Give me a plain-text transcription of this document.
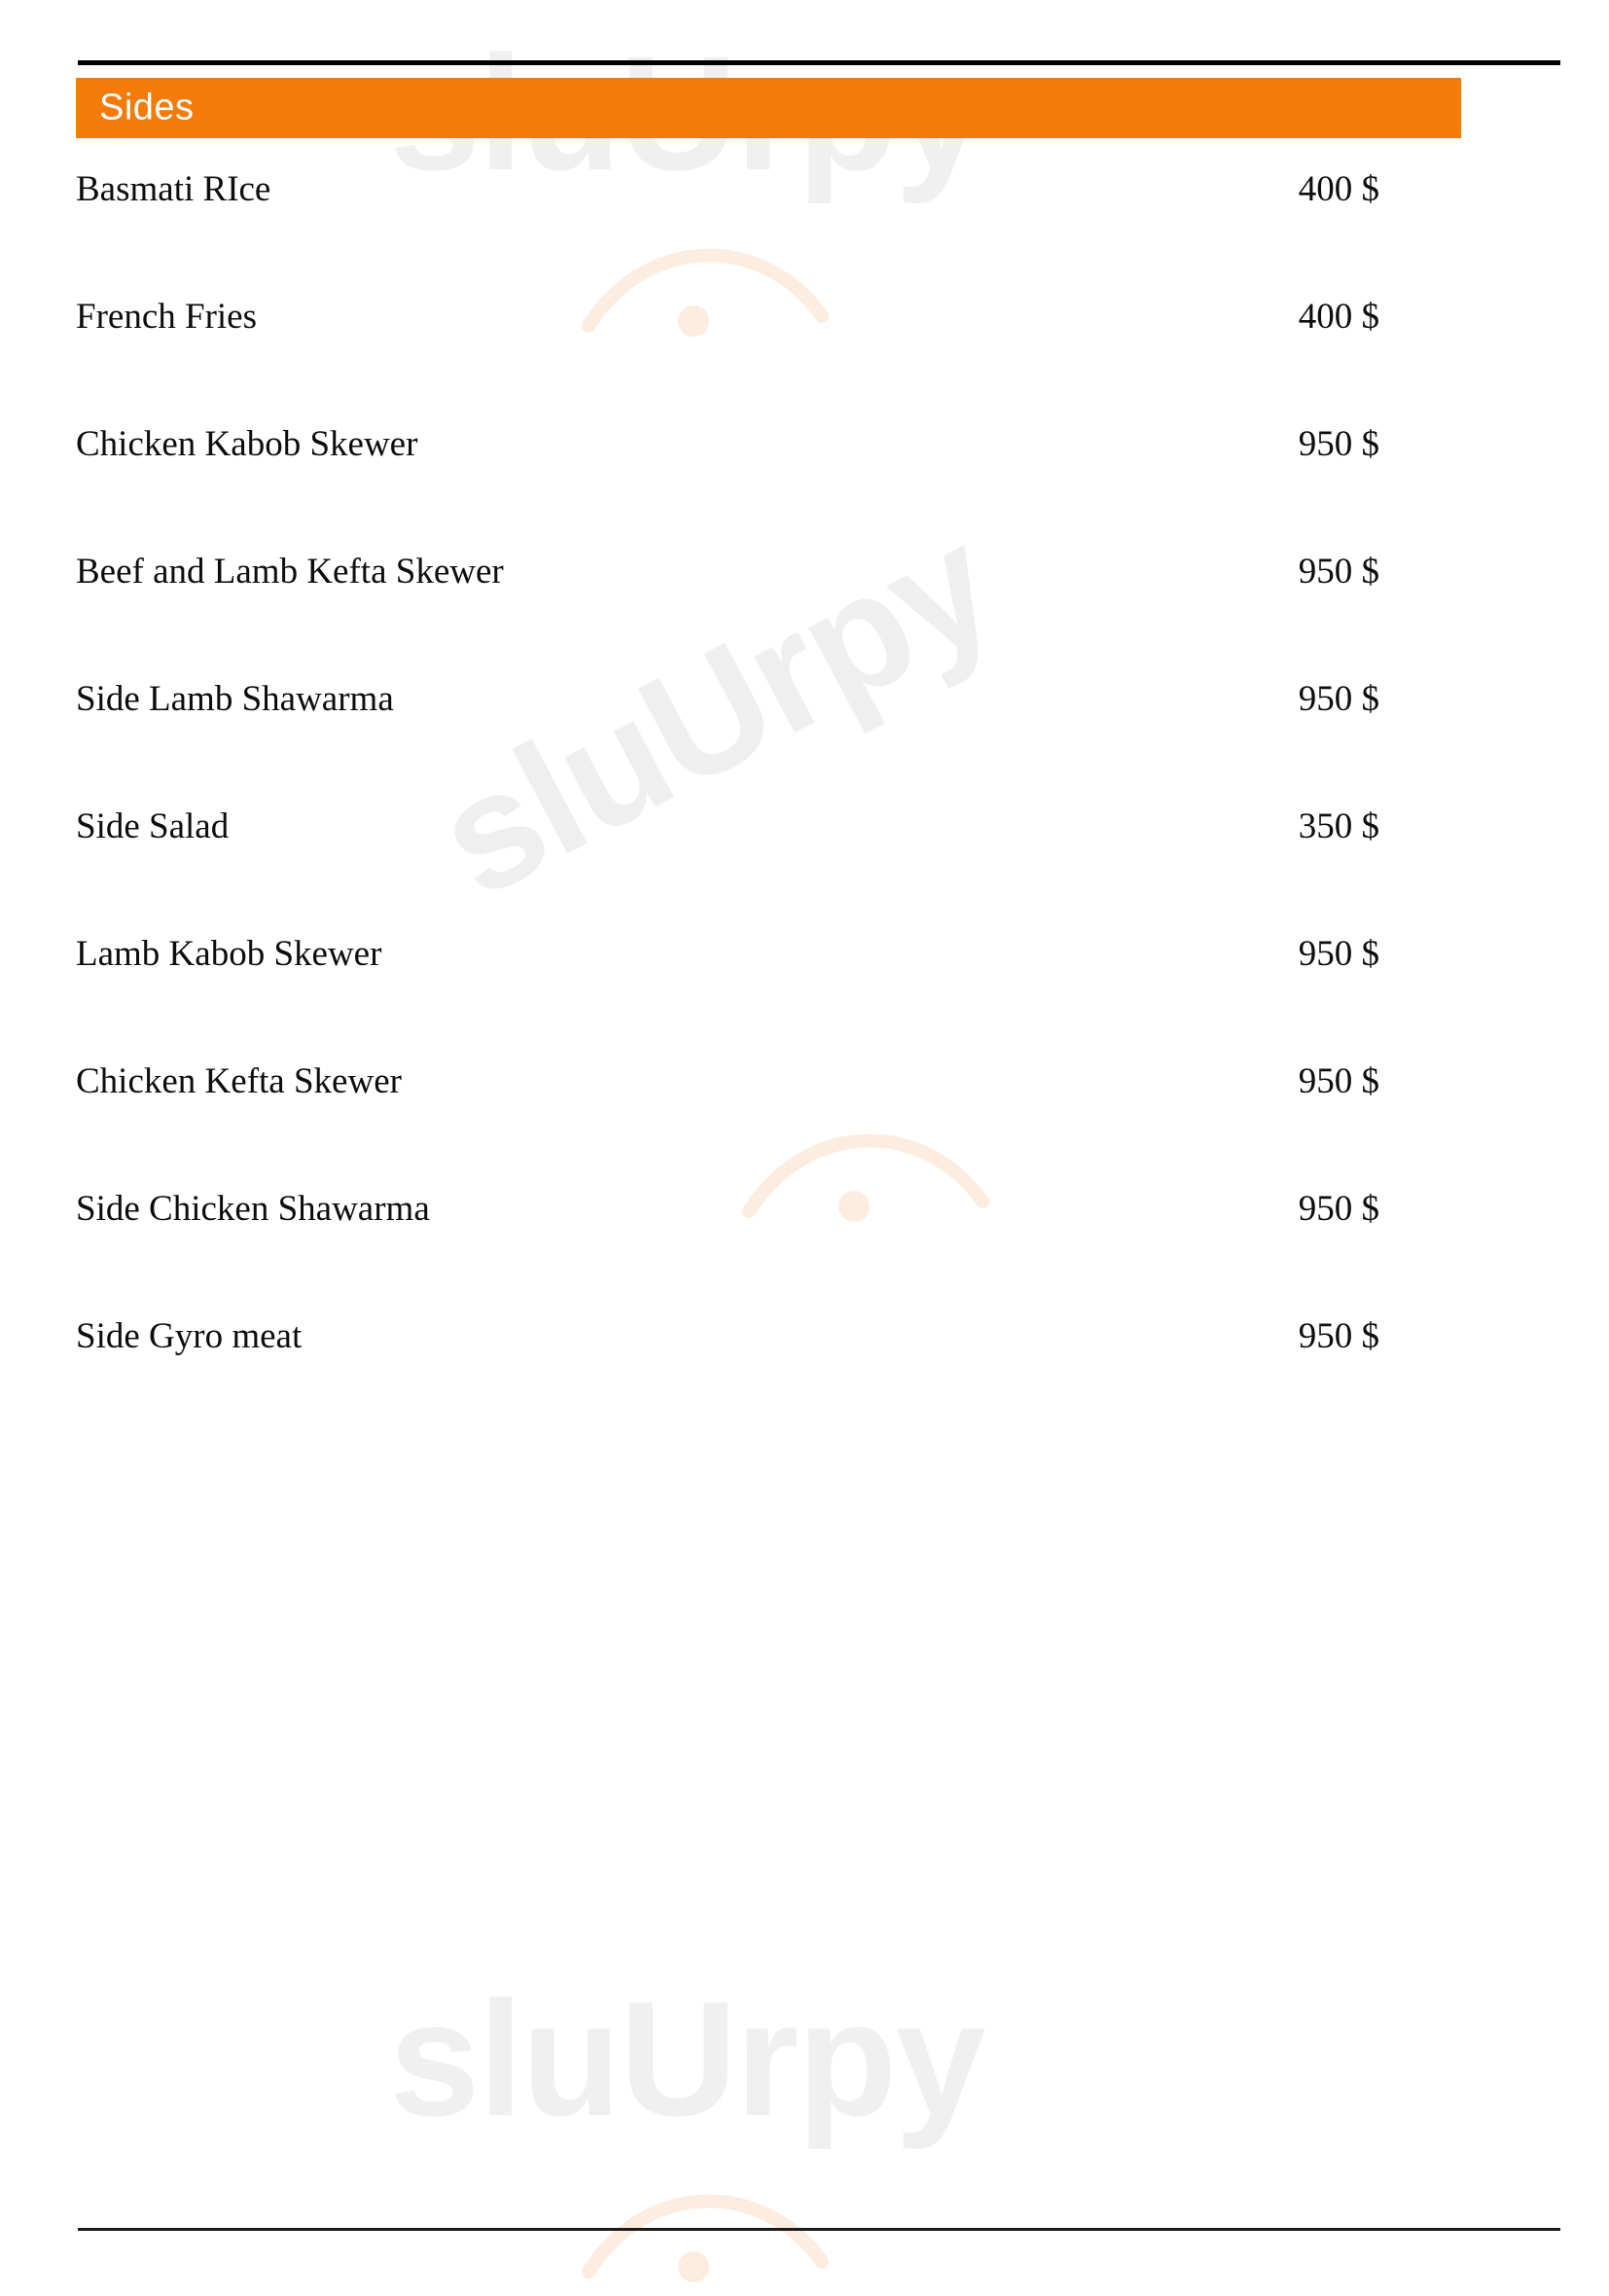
sluUrpy
sluUrpy
Sides
Basmati RIce	400 $
French Fries	400 $
Chicken Kabob Skewer	950 $
Beef and Lamb Kefta Skewer	950 $
Side Lamb Shawarma	950 $
Side Salad	350 $
Lamb Kabob Skewer	950 $
Chicken Kefta Skewer	950 $
Side Chicken Shawarma	950 $
Side Gyro meat	950 $
